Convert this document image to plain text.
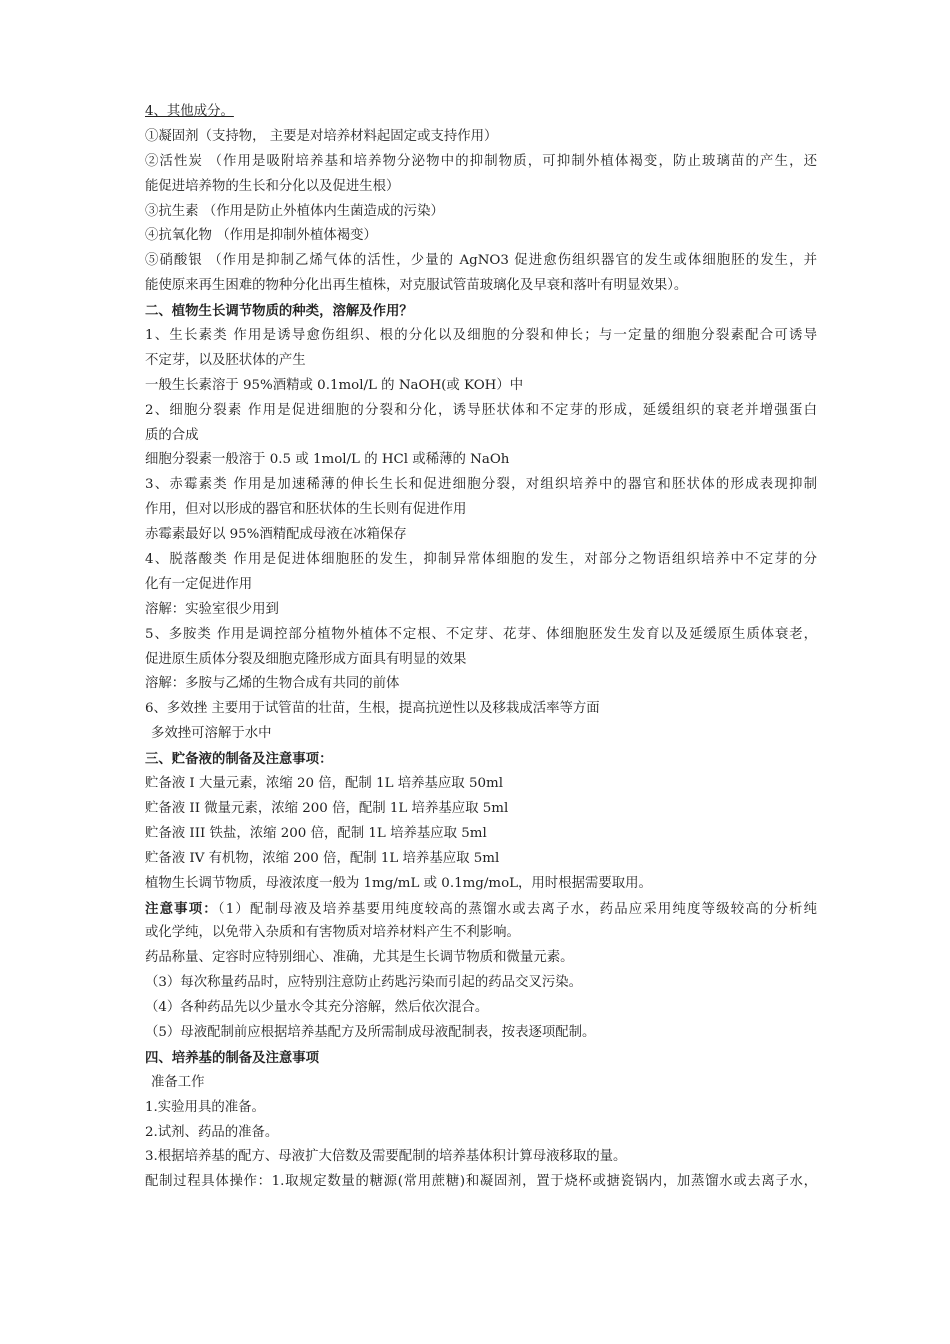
4、其他成分。
①凝固剂（支持物， 主要是对培养材料起固定或支持作用）
②活性炭 （作用是吸附培养基和培养物分泌物中的抑制物质，可抑制外植体褐变，防止玻璃苗的产生，还
能促进培养物的生长和分化以及促进生根）
③抗生素 （作用是防止外植体内生菌造成的污染）
④抗氧化物 （作用是抑制外植体褐变）
⑤硝酸银 （作用是抑制乙烯气体的活性，少量的 AgNO3 促进愈伤组织器官的发生或体细胞胚的发生，并
能使原来再生困难的物种分化出再生植株，对克服试管苗玻璃化及早衰和落叶有明显效果）。
二、植物生长调节物质的种类，溶解及作用？
1、生长素类 作用是诱导愈伤组织、根的分化以及细胞的分裂和伸长；与一定量的细胞分裂素配合可诱导
不定芽，以及胚状体的产生
一般生长素溶于 95%酒精或 0.1mol/L 的 NaOH(或 KOH）中
2、细胞分裂素 作用是促进细胞的分裂和分化，诱导胚状体和不定芽的形成，延缓组织的衰老并增强蛋白
质的合成
细胞分裂素一般溶于 0.5 或 1mol/L 的 HCl 或稀薄的 NaOh
3、赤霉素类 作用是加速稀薄的伸长生长和促进细胞分裂，对组织培养中的器官和胚状体的形成表现抑制
作用，但对以形成的器官和胚状体的生长则有促进作用
赤霉素最好以 95%酒精配成母液在冰箱保存
4、脱落酸类 作用是促进体细胞胚的发生，抑制异常体细胞的发生，对部分之物语组织培养中不定芽的分
化有一定促进作用
溶解：实验室很少用到
5、多胺类 作用是调控部分植物外植体不定根、不定芽、花芽、体细胞胚发生发育以及延缓原生质体衰老，
促进原生质体分裂及细胞克隆形成方面具有明显的效果
溶解：多胺与乙烯的生物合成有共同的前体
6、多效挫 主要用于试管苗的壮苗，生根，提高抗逆性以及移栽成活率等方面
多效挫可溶解于水中
三、贮备液的制备及注意事项：
贮备液 I 大量元素，浓缩 20 倍，配制 1L 培养基应取 50ml
贮备液 II 微量元素，浓缩 200 倍，配制 1L 培养基应取 5ml
贮备液 III 铁盐，浓缩 200 倍，配制 1L 培养基应取 5ml
贮备液 IV 有机物，浓缩 200 倍，配制 1L 培养基应取 5ml
植物生长调节物质，母液浓度一般为 1mg/mL 或 0.1mg/moL，用时根据需要取用。
注意事项：（1）配制母液及培养基要用纯度较高的蒸馏水或去离子水，药品应采用纯度等级较高的分析纯
或化学纯，以免带入杂质和有害物质对培养材料产生不利影响。
药品称量、定容时应特别细心、准确，尤其是生长调节物质和微量元素。
（3）每次称量药品时，应特别注意防止药匙污染而引起的药品交叉污染。
（4）各种药品先以少量水令其充分溶解，然后依次混合。
（5）母液配制前应根据培养基配方及所需制成母液配制表，按表逐项配制。
四、培养基的制备及注意事项
准备工作
1.实验用具的准备。
2.试剂、药品的准备。
3.根据培养基的配方、母液扩大倍数及需要配制的培养基体积计算母液移取的量。
配制过程具体操作：1.取规定数量的糖源(常用蔗糖)和凝固剂，置于烧杯或搪瓷锅内，加蒸馏水或去离子水，
